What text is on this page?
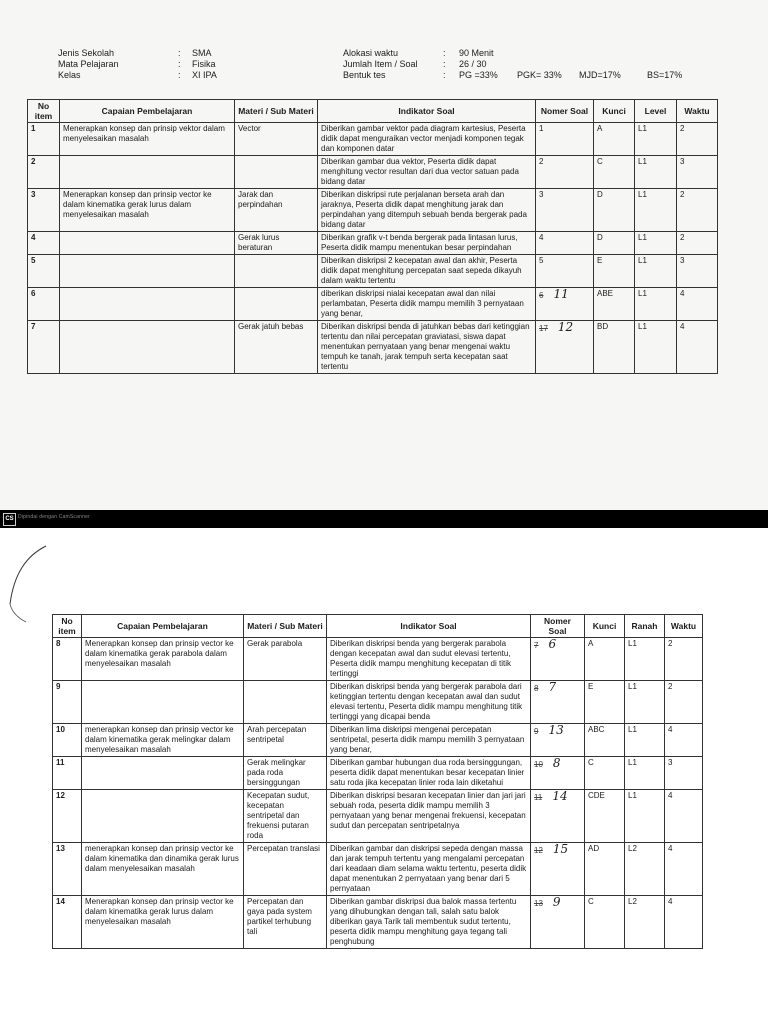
Jenis Sekolah	:	SMA
Mata Pelajaran	:	Fisika
Kelas	:	XI IPA
Alokasi waktu	:	90 Menit
Jumlah Item / Soal	:	26 / 30
Bentuk tes	:	PG =33%	PGK= 33%	MJD=17%	BS=17%
No item	Capaian Pembelajaran	Materi / Sub Materi	Indikator Soal	Nomer Soal	Kunci	Level	Waktu
1	Menerapkan konsep dan prinsip vektor dalam menyelesaikan masalah	Vector	Diberikan gambar vektor pada diagram kartesius, Peserta didik dapat menguraikan vector menjadi komponen tegak dan komponen datar	1	A	L1	2
2			Diberikan gambar dua vektor, Peserta didik dapat menghitung vector resultan dari dua vector satuan pada bidang datar	2	C	L1	3
3	Menerapkan konsep dan prinsip vector ke dalam kinematika gerak lurus dalam menyelesaikan masalah	Jarak dan perpindahan	Diberikan diskripsi rute perjalanan berseta arah dan jaraknya, Peserta didik dapat menghitung jarak dan perpindahan yang ditempuh sebuah benda bergerak pada bidang datar	3	D	L1	2
4		Gerak lurus beraturan	Diberikan grafik v-t benda bergerak pada lintasan lurus, Peserta didik mampu menentukan besar perpindahan	4	D	L1	2
5			Diberikan diskripsi 2 kecepatan awal dan akhir, Peserta didik dapat menghitung percepatan saat sepeda dikayuh dalam waktu tertentu	5	E	L1	3
6			diberikan diskripsi nialai kecepatan awal dan nilai perlambatan, Peserta didik mampu memilih 3 pernyataan yang benar,	6 11	ABE	L1	4
7		Gerak jatuh bebas	Diberikan diskripsi benda di jatuhkan bebas dari ketinggian tertentu dan nilai percepatan graviatasi, siswa dapat menentukan pernyataan yang benar mengenai waktu tempuh ke tanah, jarak tempuh serta kecepatan saat tertentu	17 12	BD	L1	4
CS Dipindai dengan CamScanner
No item	Capaian Pembelajaran	Materi / Sub Materi	Indikator Soal	Nomer Soal	Kunci	Ranah	Waktu
8	Menerapkan konsep dan prinsip vector ke dalam kinematika gerak parabola dalam menyelesaikan masalah	Gerak parabola	Diberikan diskripsi benda yang bergerak parabola dengan kecepatan awal dan sudut elevasi tertentu, Peserta didik mampu menghitung kecepatan di titik tertinggi	7 6	A	L1	2
9			Diberikan diskripsi benda yang bergerak parabola dari ketinggian tertentu dengan kecepatan awal dan sudut elevasi tertentu, Peserta didik mampu menghitung titik tertinggi yang dicapai benda	8 7	E	L1	2
10	menerapkan konsep dan prinsip vector ke dalam kinematika gerak melingkar dalam menyelesaikan masalah	Arah percepatan sentripetal	Diberikan lima diskripsi mengenai percepatan sentripetal, peserta didik mampu memilih 3 pernyataan yang benar,	9 13	ABC	L1	4
11		Gerak melingkar pada roda bersinggungan	Diberikan gambar hubungan dua roda bersinggungan, peserta didik dapat menentukan besar kecepatan linier satu roda jika kecepatan linier roda lain diketahui	10 8	C	L1	3
12		Kecepatan sudut, kecepatan sentripetal dan frekuensi putaran roda	Diberikan diskripsi besaran kecepatan linier dan jari jari sebuah roda, peserta didik mampu memilih 3 pernyataan yang benar mengenai frekuensi, kecepatan sudut dan percepatan sentripetalnya	11 14	CDE	L1	4
13	menerapkan konsep dan prinsip vector ke dalam kinematika dan dinamika gerak lurus dalam menyelesaikan masalah	Percepatan translasi	Diberikan gambar dan diskripsi sepeda dengan massa dan jarak tempuh tertentu yang mengalami percepatan dari keadaan diam selama waktu tertentu, peserta didik dapat menentukan 2 pernyataan yang benar dari 5 pernyataan	12 15	AD	L2	4
14	Menerapkan konsep dan prinsip vector ke dalam kinematika gerak lurus dalam menyelesaikan masalah	Percepatan dan gaya pada system partikel terhubung tali	Diberikan gambar diskripsi dua balok massa tertentu yang dihubungkan dengan tali, salah satu balok diberikan gaya Tarik tali membentuk sudut tertentu, peserta didik mampu menghitung gaya tegang tali penghubung	13 9	C	L2	4
